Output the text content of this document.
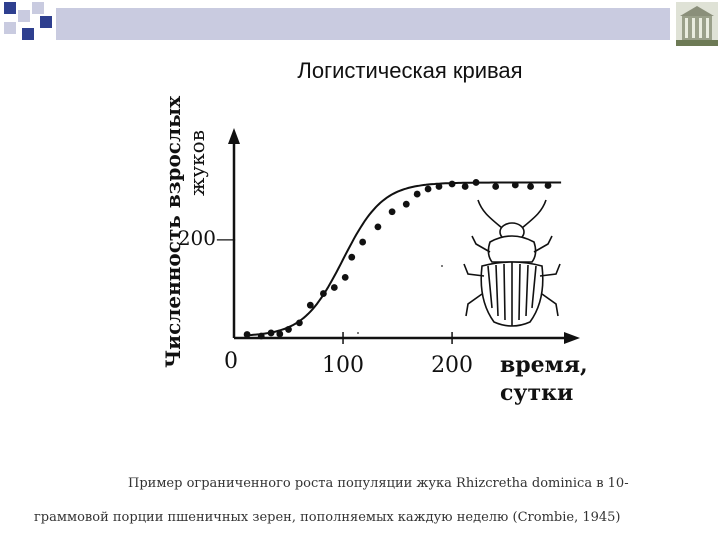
Логистическая кривая
Численность взрослых жуков
0	время,
сутки
100	200
200—
Пример ограниченного роста популяции жука Rhizcretha dominica в 10-
граммовой порции пшеничных зерен, пополняемых каждую неделю (Crombie, 1945)
